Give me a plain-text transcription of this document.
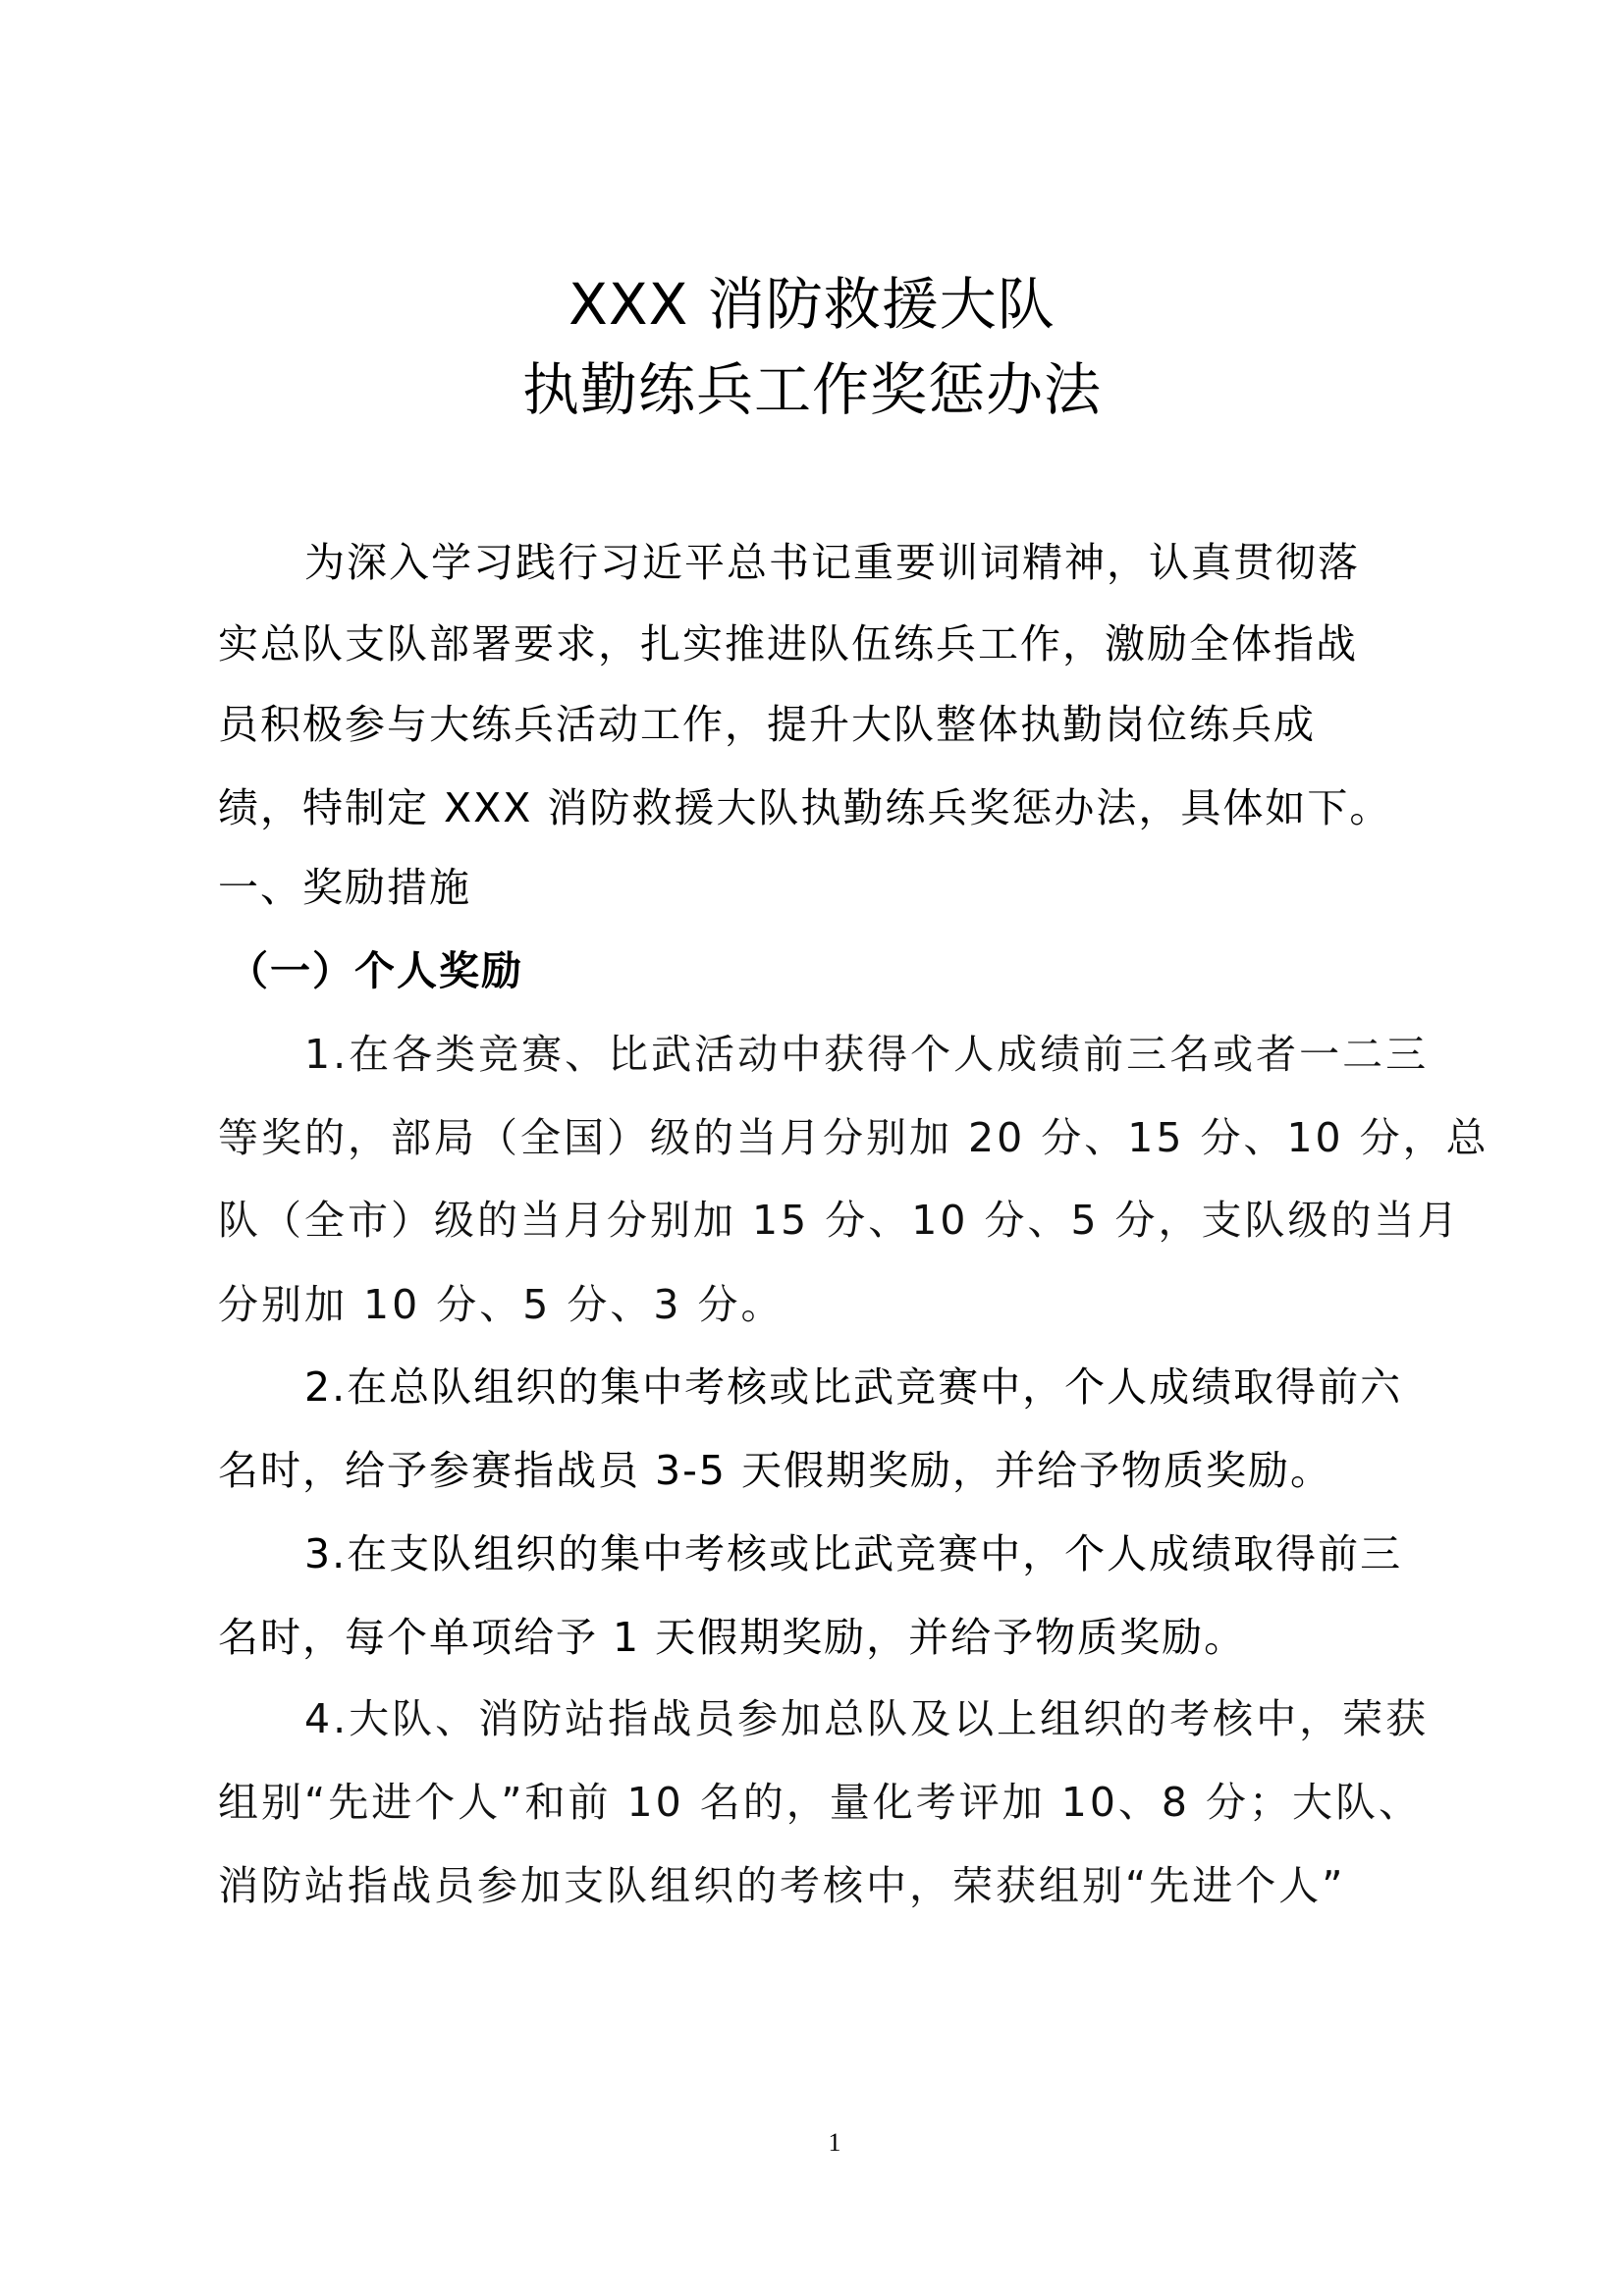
XXX 消防救援大队
执勤练兵工作奖惩办法
为深入学习践行习近平总书记重要训词精神，认真贯彻落
实总队支队部署要求，扎实推进队伍练兵工作，激励全体指战
员积极参与大练兵活动工作，提升大队整体执勤岗位练兵成
绩，特制定 XXX 消防救援大队执勤练兵奖惩办法，具体如下。
一、奖励措施
（一）个人奖励
1.在各类竞赛、比武活动中获得个人成绩前三名或者一二三
等奖的，部局（全国）级的当月分别加 20 分、15 分、10 分，总
队（全市）级的当月分别加 15 分、10 分、5 分，支队级的当月
分别加 10 分、5 分、3 分。
2.在总队组织的集中考核或比武竞赛中，个人成绩取得前六
名时，给予参赛指战员 3-5 天假期奖励，并给予物质奖励。
3.在支队组织的集中考核或比武竞赛中，个人成绩取得前三
名时，每个单项给予 1 天假期奖励，并给予物质奖励。
4.大队、消防站指战员参加总队及以上组织的考核中，荣获
组别“先进个人”和前 10 名的，量化考评加 10、8 分；大队、
消防站指战员参加支队组织的考核中，荣获组别“先进个人”
1
